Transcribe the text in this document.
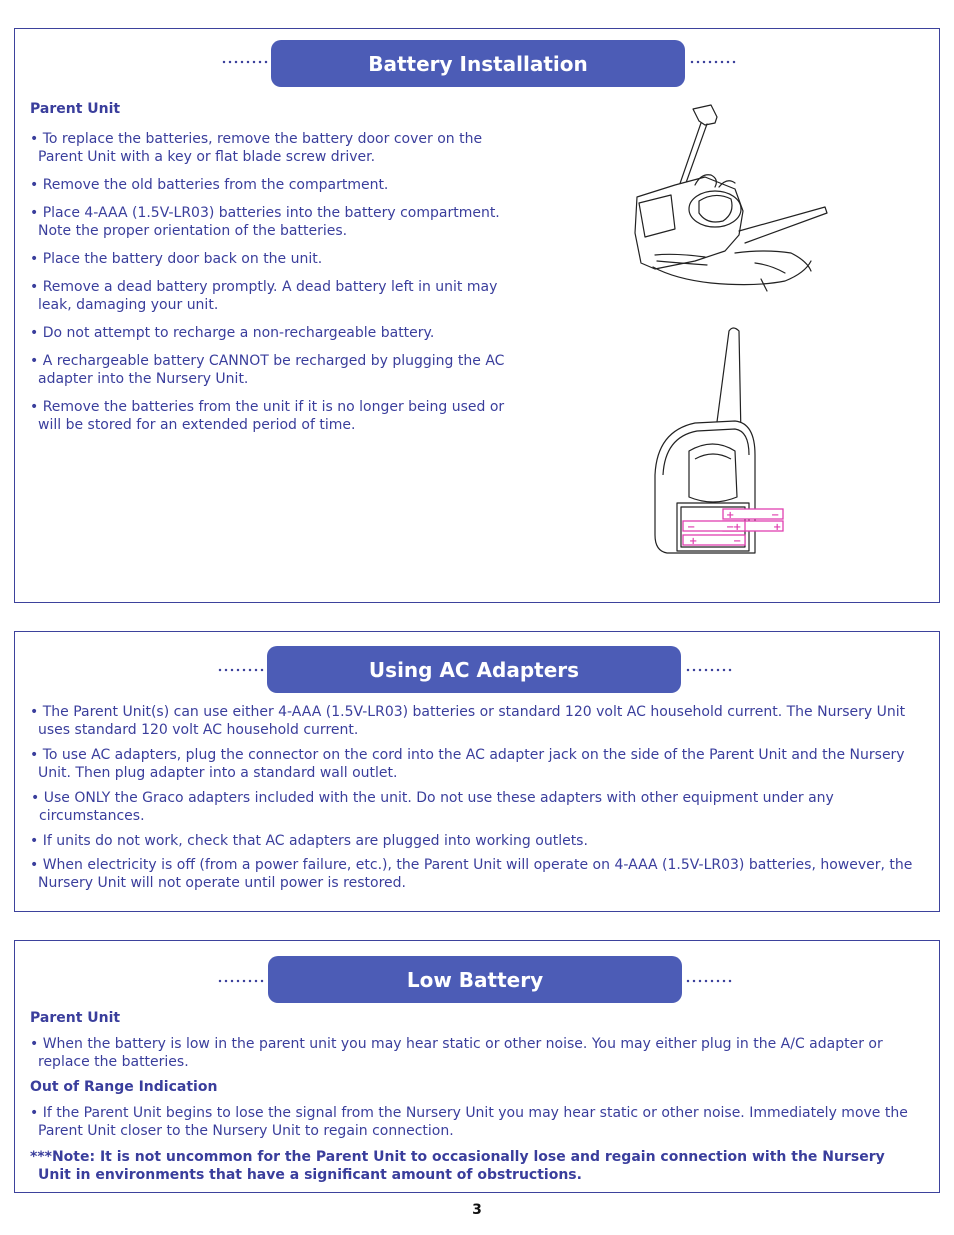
Battery Installation
Parent Unit
• To replace the batteries, remove the battery door cover on the Parent Unit with a key or flat blade screw driver.
• Remove the old batteries from the compartment.
• Place 4-AAA (1.5V-LR03) batteries into the battery compartment. Note the proper orientation of the batteries.
• Place the battery door back on the unit.
• Remove a dead battery promptly. A dead battery left in unit may leak, damaging your unit.
• Do not attempt to recharge a non-rechargeable battery.
• A rechargeable battery CANNOT be recharged by plugging the AC adapter into the Nursery Unit.
• Remove the batteries from the unit if it is no longer being used or will be stored for an extended period of time.
+	−
−	+
−	+
+	−
Using AC Adapters
• The Parent Unit(s) can use either 4-AAA (1.5V-LR03) batteries or standard 120 volt AC household current. The Nursery Unit uses standard 120 volt AC household current.
• To use AC adapters, plug the connector on the cord into the AC adapter jack on the side of the Parent Unit and the Nursery Unit. Then plug adapter into a standard wall outlet.
• Use ONLY the Graco adapters included with the unit. Do not use these adapters with other equipment under any circumstances.
• If units do not work, check that AC adapters are plugged into working outlets.
• When electricity is off (from a power failure, etc.), the Parent Unit will operate on 4-AAA (1.5V-LR03) batteries, however, the Nursery Unit will not operate until power is restored.
Low Battery
Parent Unit
• When the battery is low in the parent unit you may hear static or other noise. You may either plug in the A/C adapter or replace the batteries.
Out of Range Indication
• If the Parent Unit begins to lose the signal from the Nursery Unit you may hear static or other noise. Immediately move the Parent Unit closer to the Nursery Unit to regain connection.
***Note: It is not uncommon for the Parent Unit to occasionally lose and regain connection with the Nursery Unit in environments that have a significant amount of obstructions.
3
